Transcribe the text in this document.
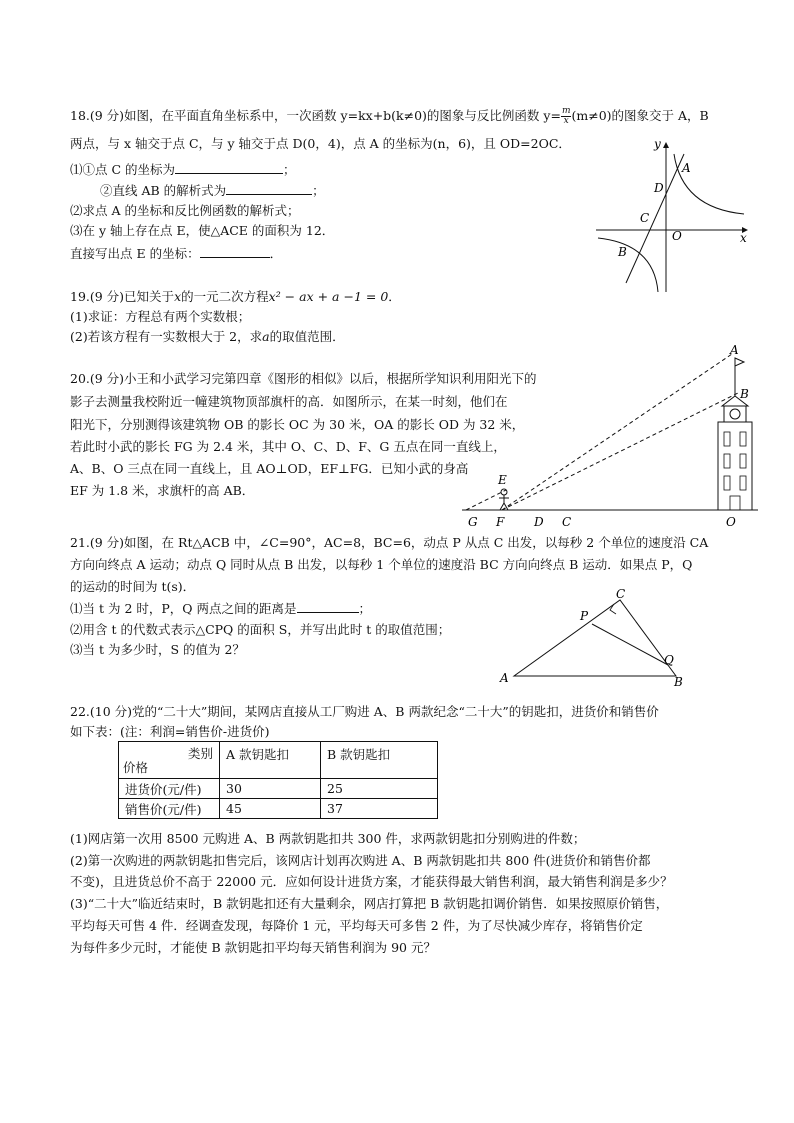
18.(9 分)如图，在平面直角坐标系中，一次函数 y=kx+b(k≠0)的图象与反比例函数 $y= \frac{m}{x} (m\ne 0)$的图象交于 A，B
两点，与 x 轴交于点 C，与 y 轴交于点 D(0，4)，点 A 的坐标为(n，6)，且 OD=2OC．
⑴①点 C 的坐标为	；
②直线 AB 的解析式为	；
⑵求点 A 的坐标和反比例函数的解析式；
⑶在 y 轴上存在点 E，使△ACE 的面积为 12．
直接写出点 E 的坐标：	．
y
x
A
D
C
O
B
19.(9 分)已知关于x的一元二次方程x² − ax + a −1 = 0．
(1)求证：方程总有两个实数根；
(2)若该方程有一实数根大于 2，求a的取值范围．
20.(9 分)小王和小武学习完第四章《图形的相似》以后，根据所学知识利用阳光下的
影子去测量我校附近一幢建筑物顶部旗杆的高．如图所示，在某一时刻，他们在
阳光下，分别测得该建筑物 OB 的影长 OC 为 30 米，OA 的影长 OD 为 32 米，
若此时小武的影长 FG 为 2.4 米，其中 O、C、D、F、G 五点在同一直线上，
A、B、O 三点在同一直线上，且 AO⊥OD，EF⊥FG．已知小武的身高
EF 为 1.8 米，求旗杆的高 AB．
A
B
E
G F D C	O
21.(9 分)如图，在 Rt△ACB 中，∠C=90°，AC=8，BC=6，动点 P 从点 C 出发，以每秒 2 个单位的速度沿 CA
方向向终点 A 运动；动点 Q 同时从点 B 出发，以每秒 1 个单位的速度沿 BC 方向向终点 B 运动．如果点 P，Q
的运动的时间为 t(s)．
⑴当 t 为 2 时，P，Q 两点之间的距离是	；
⑵用含 t 的代数式表示△CPQ 的面积 S，并写出此时 t 的取值范围；
⑶当 t 为多少时，S 的值为 2？
C
P
Q
A	B
22.(10 分)党的“二十大”期间，某网店直接从工厂购进 A、B 两款纪念“二十大”的钥匙扣，进货价和销售价
如下表：(注：利润=销售价-进货价)
类别
价格	A 款钥匙扣	B 款钥匙扣
进货价(元/件)	30	25
销售价(元/件)	45	37
(1)网店第一次用 8500 元购进 A、B 两款钥匙扣共 300 件，求两款钥匙扣分别购进的件数；
(2)第一次购进的两款钥匙扣售完后，该网店计划再次购进 A、B 两款钥匙扣共 800 件(进货价和销售价都
不变)，且进货总价不高于 22000 元．应如何设计进货方案，才能获得最大销售利润，最大销售利润是多少？
(3)“二十大”临近结束时，B 款钥匙扣还有大量剩余，网店打算把 B 款钥匙扣调价销售．如果按照原价销售，
平均每天可售 4 件．经调查发现，每降价 1 元，平均每天可多售 2 件，为了尽快减少库存，将销售价定
为每件多少元时，才能使 B 款钥匙扣平均每天销售利润为 90 元？
